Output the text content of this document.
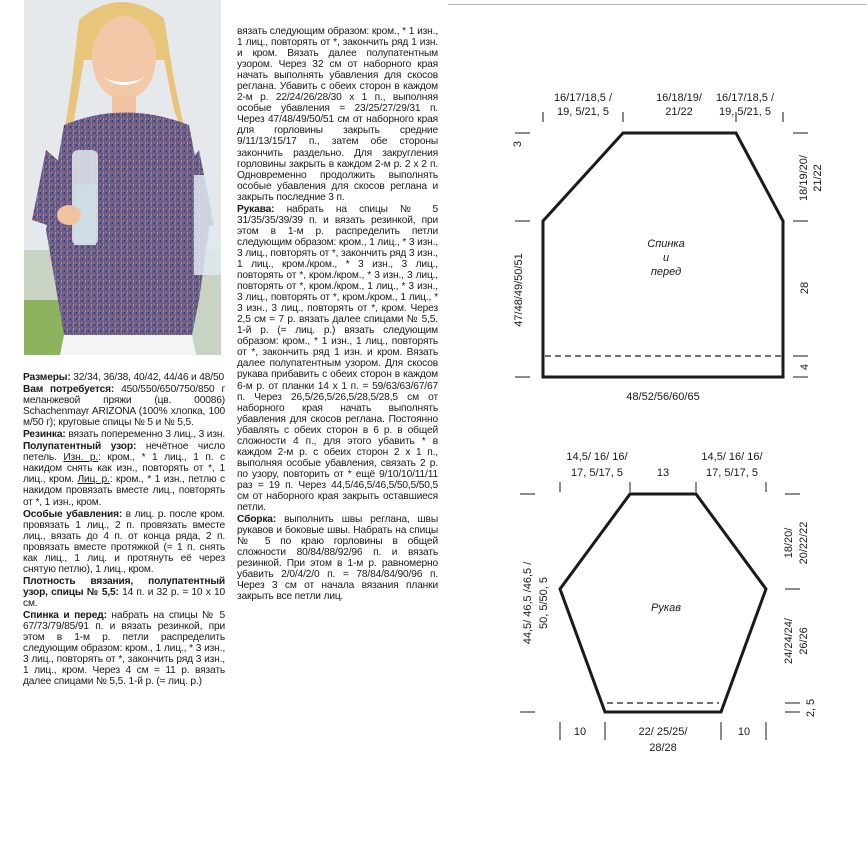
Размеры: 32/34, 36/38, 40/42, 44/46 и 48/50

Вам потребуется: 450/550/650/750/850 г меланжевой пряжи (цв. 00086) Schachenmayr ARIZONA (100% хлопка, 100 м/50 г); круговые спицы № 5 и № 5,5.

Резинка: вязать попеременно 3 лиц., 3 изн.

Полупатентный узор: нечётное число петель. Изн. р.: кром., * 1 лиц., 1 п. с накидом снять как изн., повторять от *, 1 лиц., кром. Лиц. р.: кром., * 1 изн., петлю с накидом провязать вместе лиц., повторять от *, 1 изн., кром.

Особые убавления: в лиц. р. после кром. провязать 1 лиц., 2 п. провязать вместе лиц., вязать до 4 п. от конца ряда, 2 п. провязать вместе протяжкой (= 1 п. снять как лиц., 1 лиц. и протянуть её через снятую петлю), 1 лиц., кром.

Плотность вязания, полупатентный узор, спицы № 5,5: 14 п. и 32 р. = 10 x 10 см.

Спинка и перед: набрать на спицы № 5 67/73/79/85/91 п. и вязать резинкой, при этом в 1-м р. петли распределить следующим образом: кром., 1 лиц., * 3 изн., 3 лиц., повторять от *, закончить ряд 3 изн., 1 лиц., кром. Через 4 см = 11 р. вязать далее спицами № 5,5. 1-й р. (= лиц. р.)

вязать следующим образом: кром., * 1 изн., 1 лиц., повторять от *, закончить ряд 1 изн. и кром. Вязать далее полупатентным узором. Через 32 см от наборного края начать выполнять убавления для скосов реглана. Убавить с обеих сторон в каждом 2-м р. 22/24/26/28/30 x 1 п., выполняя особые убавления = 23/25/27/29/31 п. Через 47/48/49/50/51 см от наборного края для горловины закрыть средние 9/11/13/15/17 п., затем обе стороны закончить раздельно. Для закругления горловины закрыть в каждом 2-м р. 2 x 2 п. Одновременно продолжить выполнять особые убавления для скосов реглана и закрыть последние 3 п.

Рукава: набрать на спицы № 5 31/35/35/39/39 п. и вязать резинкой, при этом в 1-м р. распределить петли следующим образом: кром., 1 лиц., * 3 изн., 3 лиц., повторять от *, закончить ряд 3 изн., 1 лиц., кром./кром., * 3 изн., 3 лиц., повторять от *, кром./кром., * 3 изн., 3 лиц., повторять от *, кром./кром., 1 лиц., * 3 изн., 3 лиц., повторять от *, кром./кром., 1 лиц., * 3 изн., 3 лиц., повторять от *, кром. Через 2,5 см = 7 р. вязать далее спицами № 5,5. 1-й р. (= лиц. р.) вязать следующим образом: кром., * 1 изн., 1 лиц., повторять от *, закончить ряд 1 изн. и кром. Вязать далее полупатентным узором. Для скосов рукава прибавить с обеих сторон в каждом 6-м р. от планки 14 x 1 п. = 59/63/63/67/67 п. Через 26,5/26,5/26,5/28,5/28,5 см от наборного края начать выполнять убавления для скосов реглана. Постоянно убавлять с обеих сторон в 6 р. в общей сложности 4 п., для этого убавить * в каждом 2-м р. с обеих сторон 2 x 1 п., выполняя особые убавления, связать 2 р. по узору, повторить от * ещё 9/10/10/11/11 раз = 19 п. Через 44,5/46,5/46,5/50,5/50,5 см от наборного края закрыть оставшиеся петли.

Сборка: выполнить швы реглана, швы рукавов и боковые швы. Набрать на спицы № 5 по краю горловины в общей сложности 80/84/88/92/96 п. и вязать резинкой. При этом в 1-м р. равномерно убавить 2/0/4/2/0 п. = 78/84/84/90/96 п. Через 3 см от начала вязания планки закрыть все петли лиц.

16/17/18,5 /
19, 5/21, 5
16/18/19/
21/22
16/17/18,5 /
19, 5/21, 5
3
47/48/49/50/51
18/19/20/ 21/22
28
4
48/52/56/60/65
Спинка
и
перед
14,5/ 16/ 16/
17, 5/17, 5	13
14,5/ 16/ 16/
17, 5/17, 5
44,5/ 46,5 /46,5 / 50, 5/50, 5
18/20/ 20/22/22
24/24/24/ 26/26
2, 5
10	22/ 25/25/
28/28
10
Рукав
